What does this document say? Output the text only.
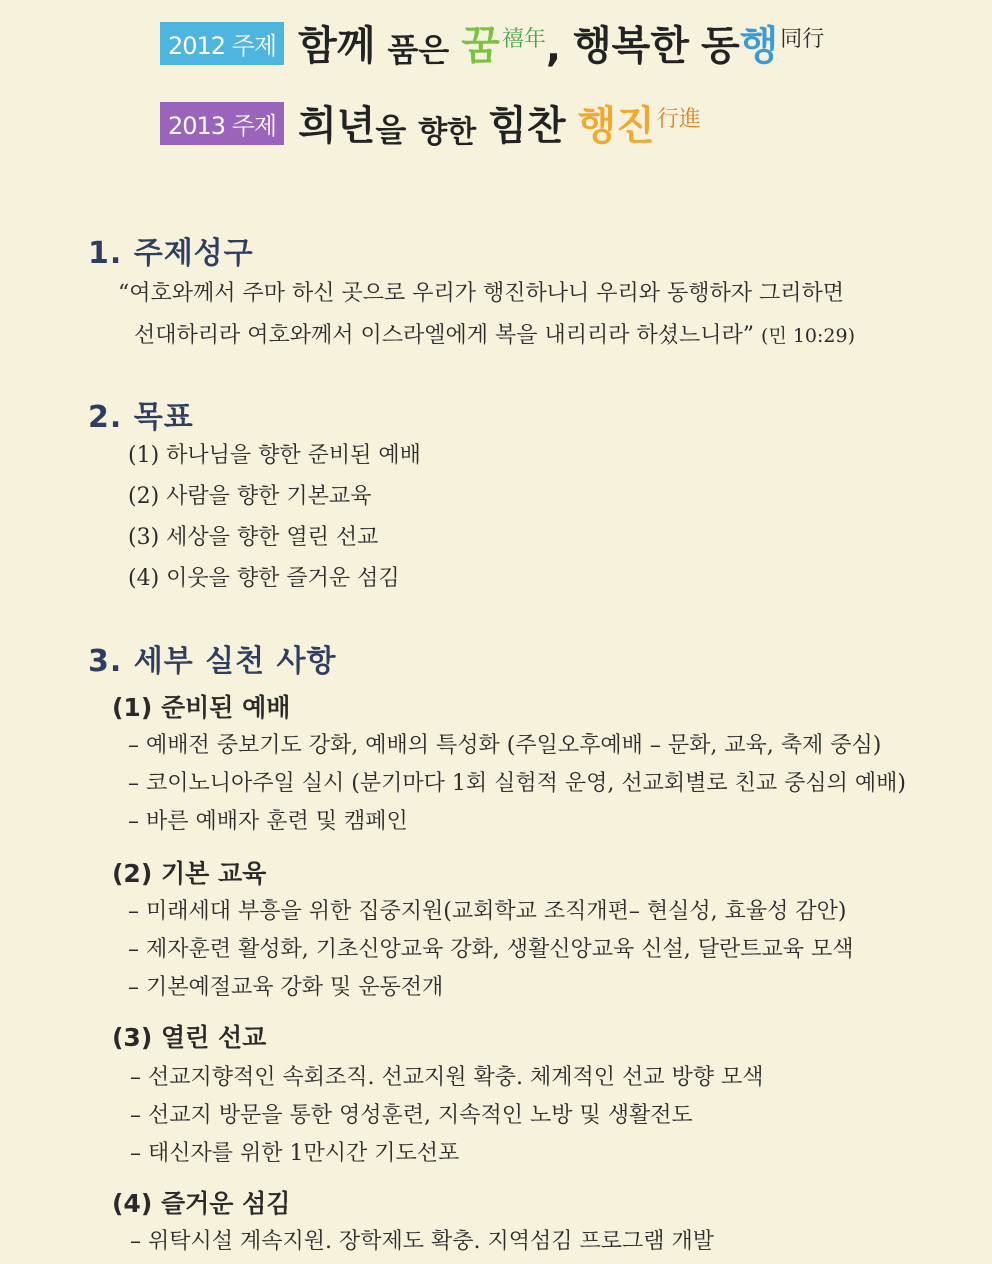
2012 주제 함께 품은 꿈 禧年 , 행복한 동 행 同行
2013 주제 희년 을 향한 힘찬 행진 行進
1. 주제성구
“여호와께서 주마 하신 곳으로 우리가 행진하나니 우리와 동행하자 그리하면
선대하리라 여호와께서 이스라엘에게 복을 내리리라 하셨느니라” (민 10:29)
2. 목표
(1) 하나님을 향한 준비된 예배
(2) 사람을 향한 기본교육
(3) 세상을 향한 열린 선교
(4) 이웃을 향한 즐거운 섬김
3. 세부 실천 사항
(1) 준비된 예배
– 예배전 중보기도 강화, 예배의 특성화 (주일오후예배 – 문화, 교육, 축제 중심)
– 코이노니아주일 실시 (분기마다 1회 실험적 운영, 선교회별로 친교 중심의 예배)
– 바른 예배자 훈련 및 캠페인
(2) 기본 교육
– 미래세대 부흥을 위한 집중지원(교회학교 조직개편– 현실성, 효율성 감안)
– 제자훈련 활성화, 기초신앙교육 강화, 생활신앙교육 신설, 달란트교육 모색
– 기본예절교육 강화 및 운동전개
(3) 열린 선교
– 선교지향적인 속회조직. 선교지원 확충. 체계적인 선교 방향 모색
– 선교지 방문을 통한 영성훈련, 지속적인 노방 및 생활전도
– 태신자를 위한 1만시간 기도선포
(4) 즐거운 섬김
– 위탁시설 계속지원. 장학제도 확충. 지역섬김 프로그램 개발
